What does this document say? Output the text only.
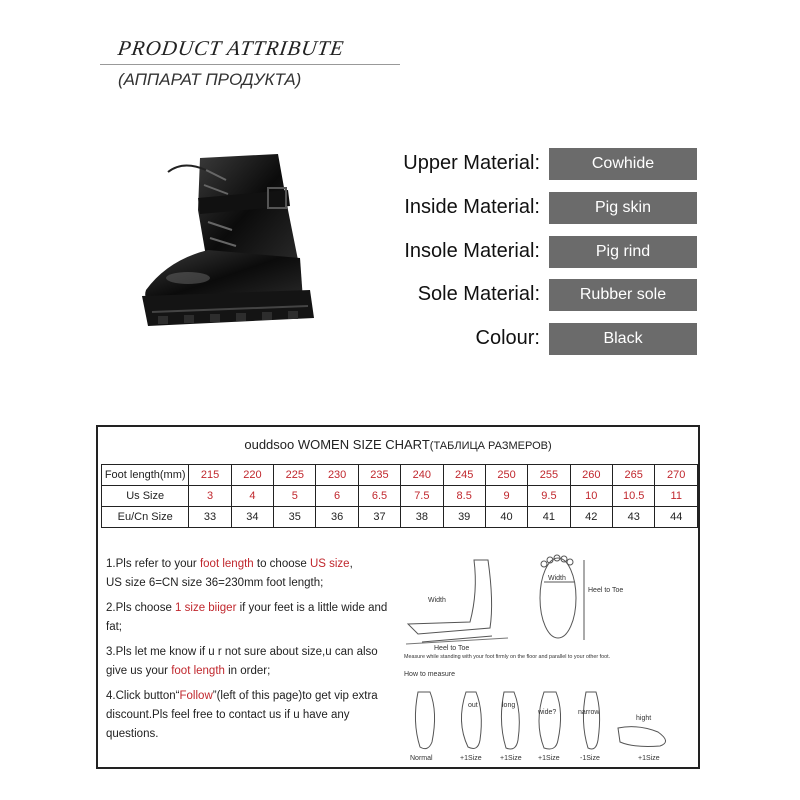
PRODUCT ATTRIBUTE
(АППАРАТ ПРОДУКТА)
Upper Material:	Cowhide
Inside Material:	Pig skin
Insole Material:	Pig rind
Sole Material:	Rubber sole
Colour:	Black
ouddsoo WOMEN SIZE CHART(ТАБЛИЦА РАЗМЕРОВ)
Foot length(mm)	215	220	225	230	235	240	245	250	255	260	265	270
Us Size	3	4	5	6	6.5	7.5	8.5	9	9.5	10	10.5	11
Eu/Cn Size	33	34	35	36	37	38	39	40	41	42	43	44
1.Pls refer to your foot length to choose US size,
US size 6=CN size 36=230mm foot length;
2.Pls choose 1 size biiger if your feet is a little wide and fat;
3.Pls let me know if u r not sure about size,u can also give us your foot length in order;
4.Click button“Follow”(left of this page)to get vip extra discount.Pls feel free to contact us if u have any questions.
Width
Heel to Toe
Width
Heel to Toe
Measure while standing with your foot firmly on the floor and parallel to your other foot.
How to measure
out	long
wide?	narrow
hight
Normal	+1Size	+1Size +1Size	-1Size	+1Size
